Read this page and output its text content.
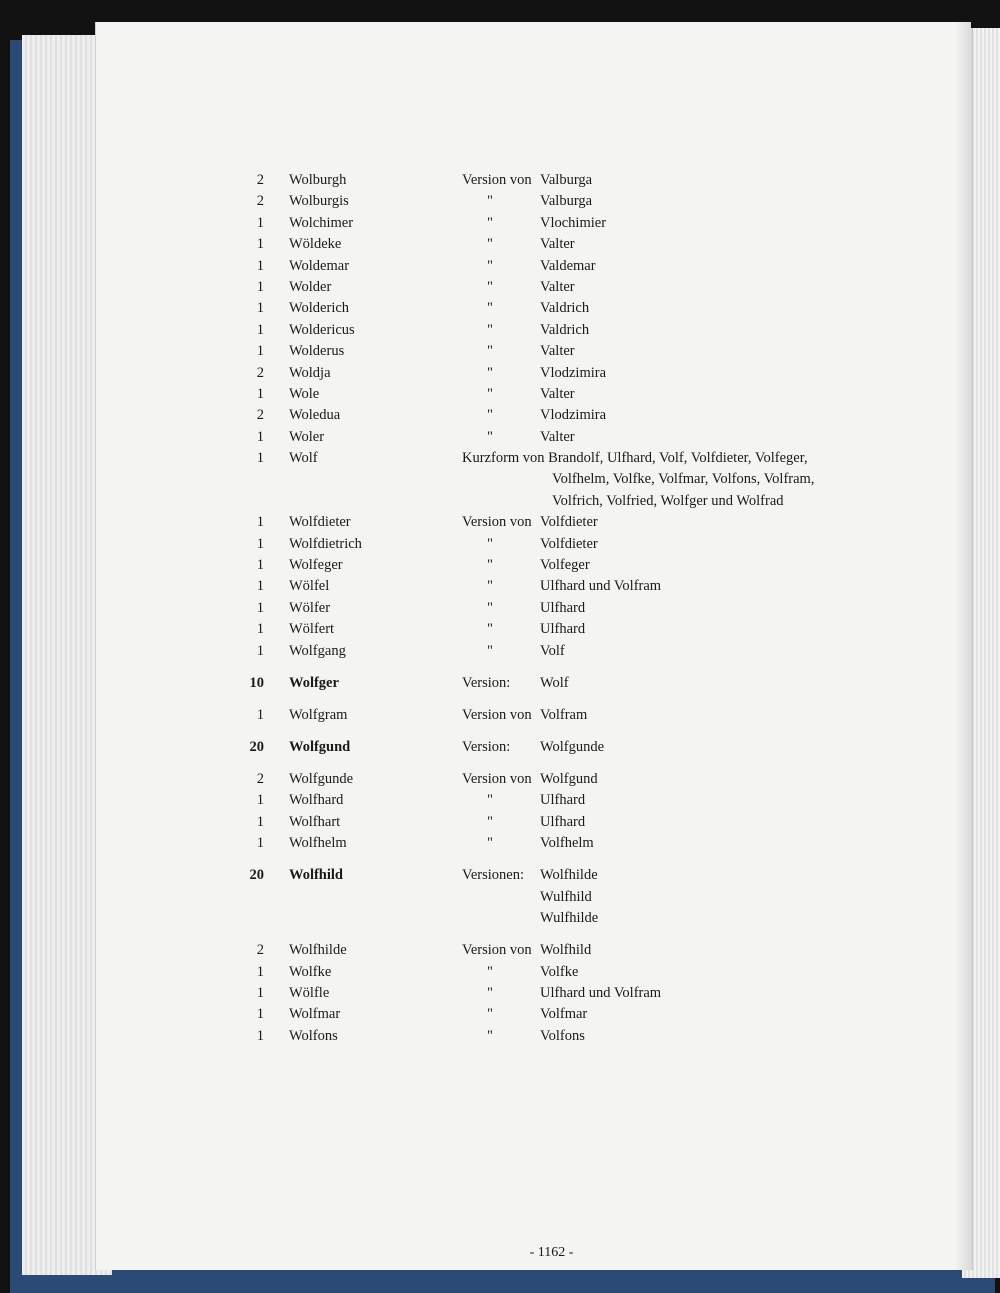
2 Wolburgh	Version von Valburga
2 Wolburgis	"	Valburga
1 Wolchimer	"	Vlochimier
1 Wöldeke	"	Valter
1 Woldemar	"	Valdemar
1 Wolder	"	Valter
1 Wolderich	"	Valdrich
1 Woldericus	"	Valdrich
1 Wolderus	"	Valter
2 Woldja	"	Vlodzimira
1 Wole	"	Valter
2 Woledua	"	Vlodzimira
1 Woler	"	Valter
1 Wolf	Kurzform von Brandolf, Ulfhard, Volf, Volfdieter, Volfeger,
Volfhelm, Volfke, Volfmar, Volfons, Volfram,
Volfrich, Volfried, Wolfger und Wolfrad
1 Wolfdieter	Version von Volfdieter
1 Wolfdietrich	"	Volfdieter
1 Wolfeger	"	Volfeger
1 Wölfel	"	Ulfhard und Volfram
1 Wölfer	"	Ulfhard
1 Wölfert	"	Ulfhard
1 Wolfgang	"	Volf
10 Wolfger	Version: Wolf
1 Wolfgram	Version von Volfram
20 Wolfgund	Version: Wolfgunde
2 Wolfgunde	Version von Wolfgund
1 Wolfhard	"	Ulfhard
1 Wolfhart	"	Ulfhard
1 Wolfhelm	"	Volfhelm
20 Wolfhild	Versionen: Wolfhilde
Wulfhild
Wulfhilde
2 Wolfhilde	Version von Wolfhild
1 Wolfke	"	Volfke
1 Wölfle	"	Ulfhard und Volfram
1 Wolfmar	"	Volfmar
1 Wolfons	"	Volfons
- 1162 -
